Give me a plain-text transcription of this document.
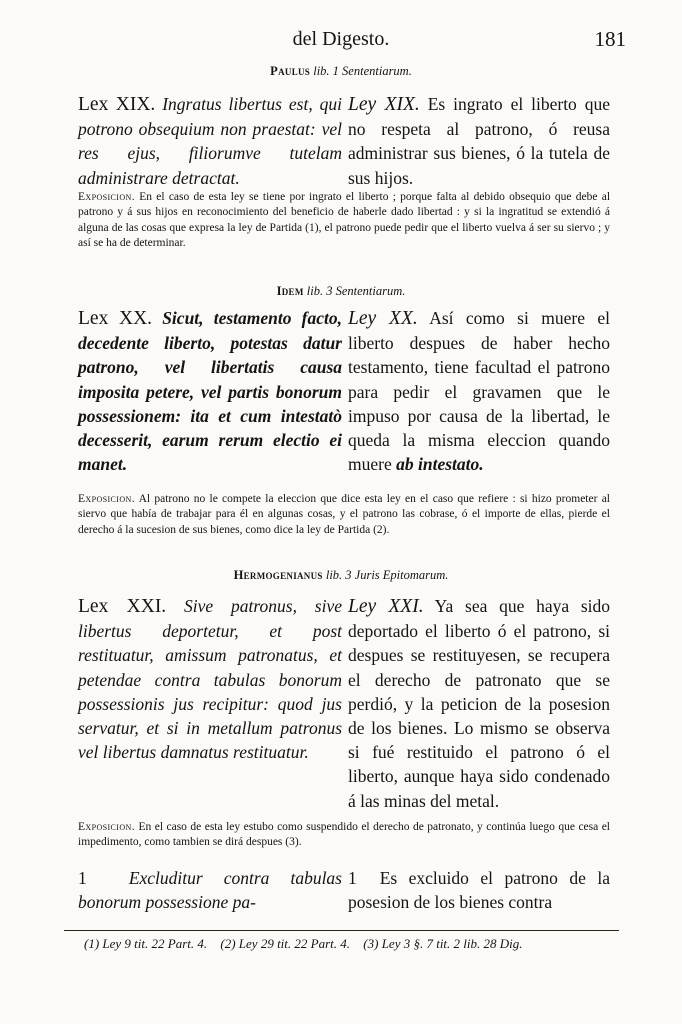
del Digesto.	181
Paulus lib. 1 Sententiarum.
Lex XIX. Ingratus libertus est, qui potrono obsequium non praestat: vel res ejus, filiorumve tutelam administrare detractat.
Ley XIX. Es ingrato el liberto que no respeta al patrono, ó reusa administrar sus bienes, ó la tutela de sus hijos.
Exposicion. En el caso de esta ley se tiene por ingrato el liberto ; porque falta al debido obsequio que debe al patrono y á sus hijos en reconocimiento del beneficio de haberle dado libertad : y si la ingratitud se extendió á alguna de las cosas que expresa la ley de Partida (1), el patrono puede pedir que el liberto vuelva á ser su siervo ; y así se ha de determinar.
Idem lib. 3 Sententiarum.
Lex XX. Sicut, testamento facto, decedente liberto, potestas datur patrono, vel libertatis causa imposita petere, vel partis bonorum possessionem: ita et cum intestatò decesserit, earum rerum electio ei manet.
Ley XX. Así como si muere el liberto despues de haber hecho testamento, tiene facultad el patrono para pedir el gravamen que le impuso por causa de la libertad, le queda la misma eleccion quando muere ab intestato.
Exposicion. Al patrono no le compete la eleccion que dice esta ley en el caso que refiere : si hizo prometer al siervo que había de trabajar para él en algunas cosas, y el patrono las cobrase, ó el importe de ellas, pierde el derecho á la sucesion de sus bienes, como dice la ley de Partida (2).
Hermogenianus lib. 3 Juris Epitomarum.
Lex XXI. Sive patronus, sive libertus deportetur, et post restituatur, amissum patronatus, et petendae contra tabulas bonorum possessionis jus recipitur: quod jus servatur, et si in metallum patronus vel libertus damnatus restituatur.
Ley XXI. Ya sea que haya sido deportado el liberto ó el patrono, si despues se restituyesen, se recupera el derecho de patronato que se perdió, y la peticion de la posesion de los bienes. Lo mismo se observa si fué restituido el patrono ó el liberto, aunque haya sido condenado á las minas del metal.
Exposicion. En el caso de esta ley estubo como suspendido el derecho de patronato, y continúa luego que cesa el impedimento, como tambien se dirá despues (3).
1 Excluditur contra tabulas bonorum possessione pa-
1 Es excluido el patrono de la posesion de los bienes contra
(1) Ley 9 tit. 22 Part. 4. (2) Ley 29 tit. 22 Part. 4. (3) Ley 3 §. 7 tit. 2 lib. 28 Dig.
